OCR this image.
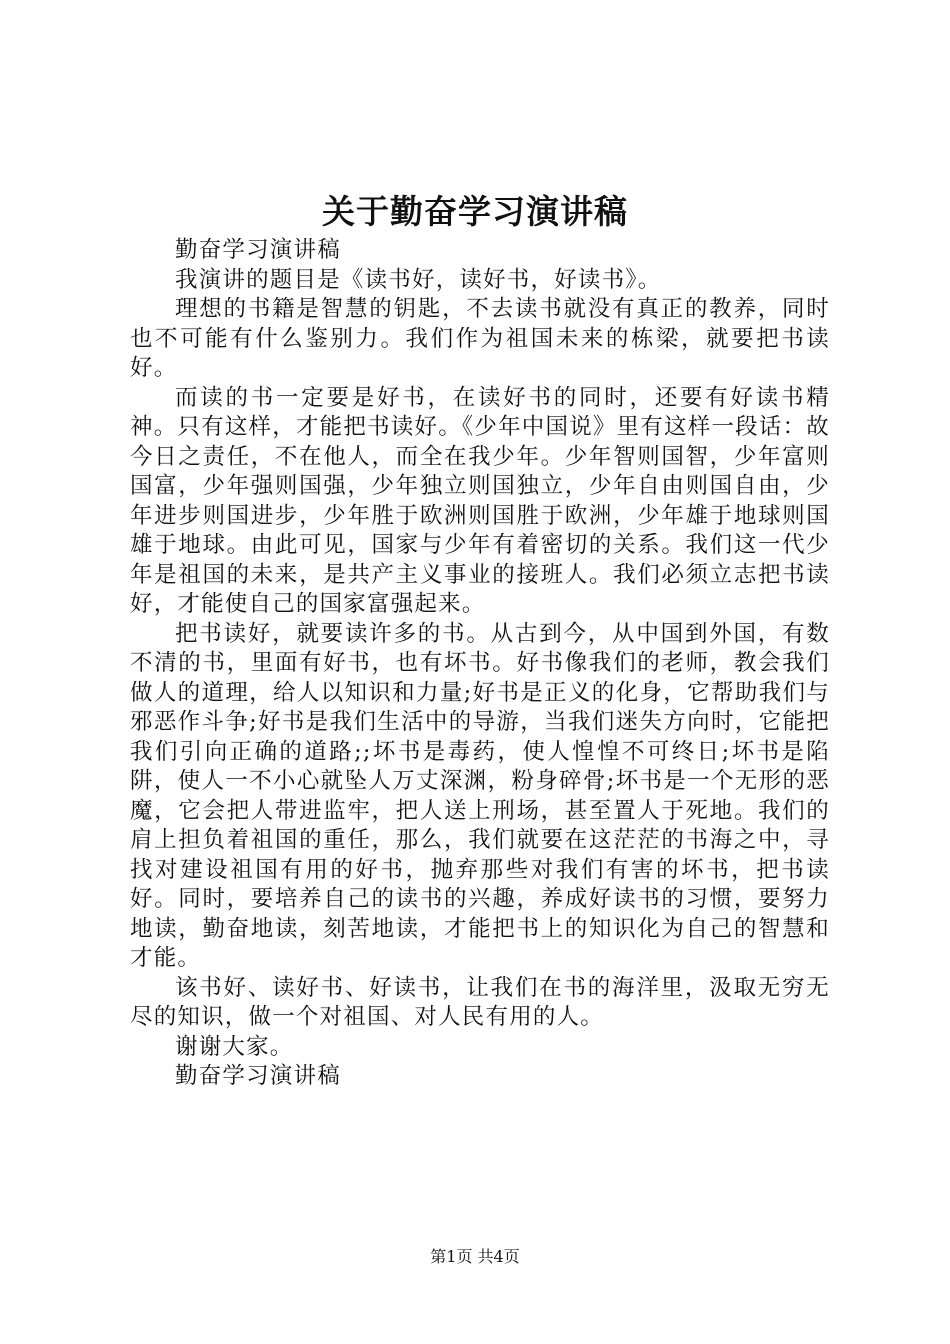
关于勤奋学习演讲稿

勤奋学习演讲稿

我演讲的题目是《读书好，读好书，好读书》。

理想的书籍是智慧的钥匙，不去读书就没有真正的教养，同时也不可能有什么鉴别力。我们作为祖国未来的栋梁，就要把书读好。

而读的书一定要是好书，在读好书的同时，还要有好读书精神。只有这样，才能把书读好。《少年中国说》里有这样一段话：故今日之责任，不在他人，而全在我少年。少年智则国智，少年富则国富，少年强则国强，少年独立则国独立，少年自由则国自由，少年进步则国进步，少年胜于欧洲则国胜于欧洲，少年雄于地球则国雄于地球。由此可见，国家与少年有着密切的关系。我们这一代少年是祖国的未来，是共产主义事业的接班人。我们必须立志把书读好，才能使自己的国家富强起来。

把书读好，就要读许多的书。从古到今，从中国到外国，有数不清的书，里面有好书，也有坏书。好书像我们的老师，教会我们做人的道理，给人以知识和力量;好书是正义的化身，它帮助我们与邪恶作斗争;好书是我们生活中的导游，当我们迷失方向时，它能把我们引向正确的道路;;坏书是毒药，使人惶惶不可终日;坏书是陷阱，使人一不小心就坠人万丈深渊，粉身碎骨;坏书是一个无形的恶魔，它会把人带进监牢，把人送上刑场，甚至置人于死地。我们的肩上担负着祖国的重任，那么，我们就要在这茫茫的书海之中，寻找对建设祖国有用的好书，抛弃那些对我们有害的坏书，把书读好。同时，要培养自己的读书的兴趣，养成好读书的习惯，要努力地读，勤奋地读，刻苦地读，才能把书上的知识化为自己的智慧和才能。

该书好、读好书、好读书，让我们在书的海洋里，汲取无穷无尽的知识，做一个对祖国、对人民有用的人。

谢谢大家。

勤奋学习演讲稿

第1页 共4页
